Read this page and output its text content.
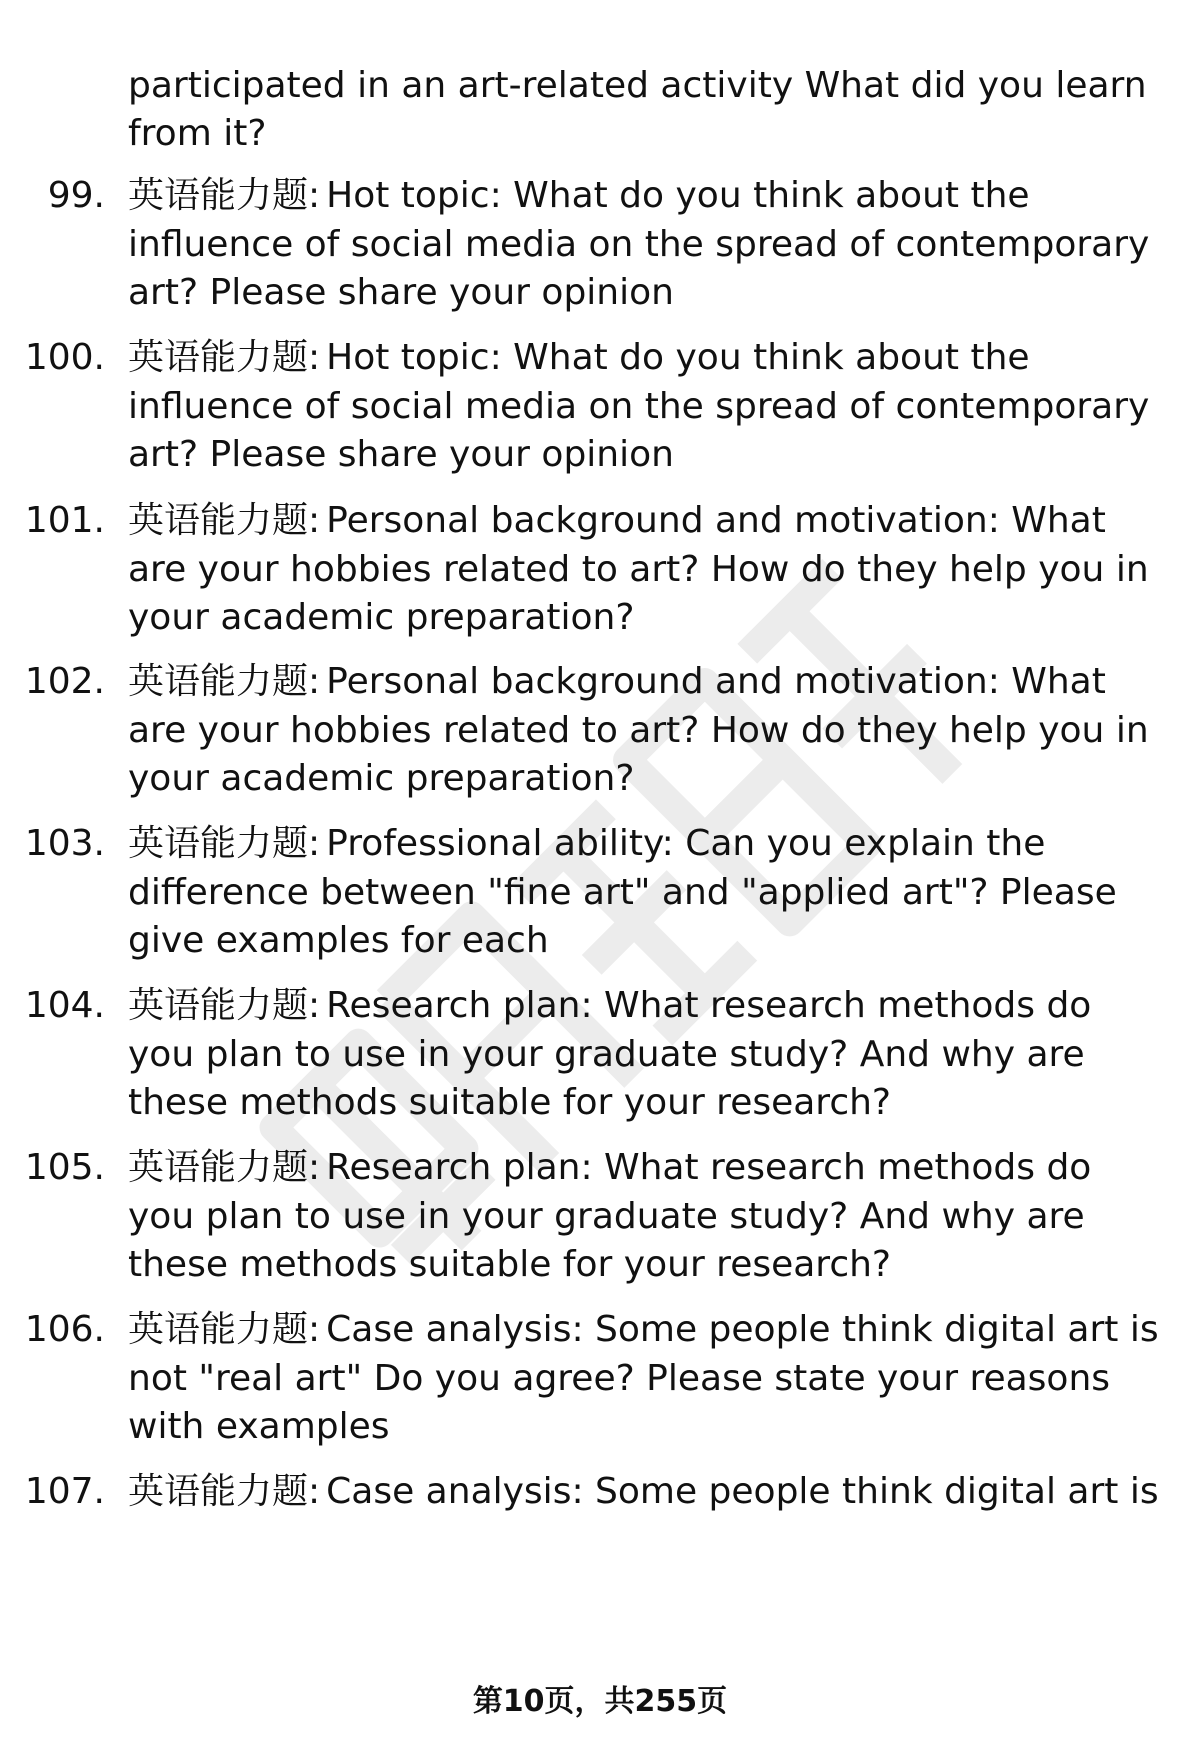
participated in an art-related activity What did you learn from it?
99. 英语能力题: Hot topic: What do you think about the influence of social media on the spread of contemporary art? Please share your opinion
100. 英语能力题: Hot topic: What do you think about the influence of social media on the spread of contemporary art? Please share your opinion
101. 英语能力题: Personal background and motivation: What are your hobbies related to art? How do they help you in your academic preparation?
102. 英语能力题: Personal background and motivation: What are your hobbies related to art? How do they help you in your academic preparation?
103. 英语能力题: Professional ability: Can you explain the difference between "fine art" and "applied art"? Please give examples for each
104. 英语能力题: Research plan: What research methods do you plan to use in your graduate study? And why are these methods suitable for your research?
105. 英语能力题: Research plan: What research methods do you plan to use in your graduate study? And why are these methods suitable for your research?
106. 英语能力题: Case analysis: Some people think digital art is not "real art" Do you agree? Please state your reasons with examples
107. 英语能力题: Case analysis: Some people think digital art is
第10页，共255页
